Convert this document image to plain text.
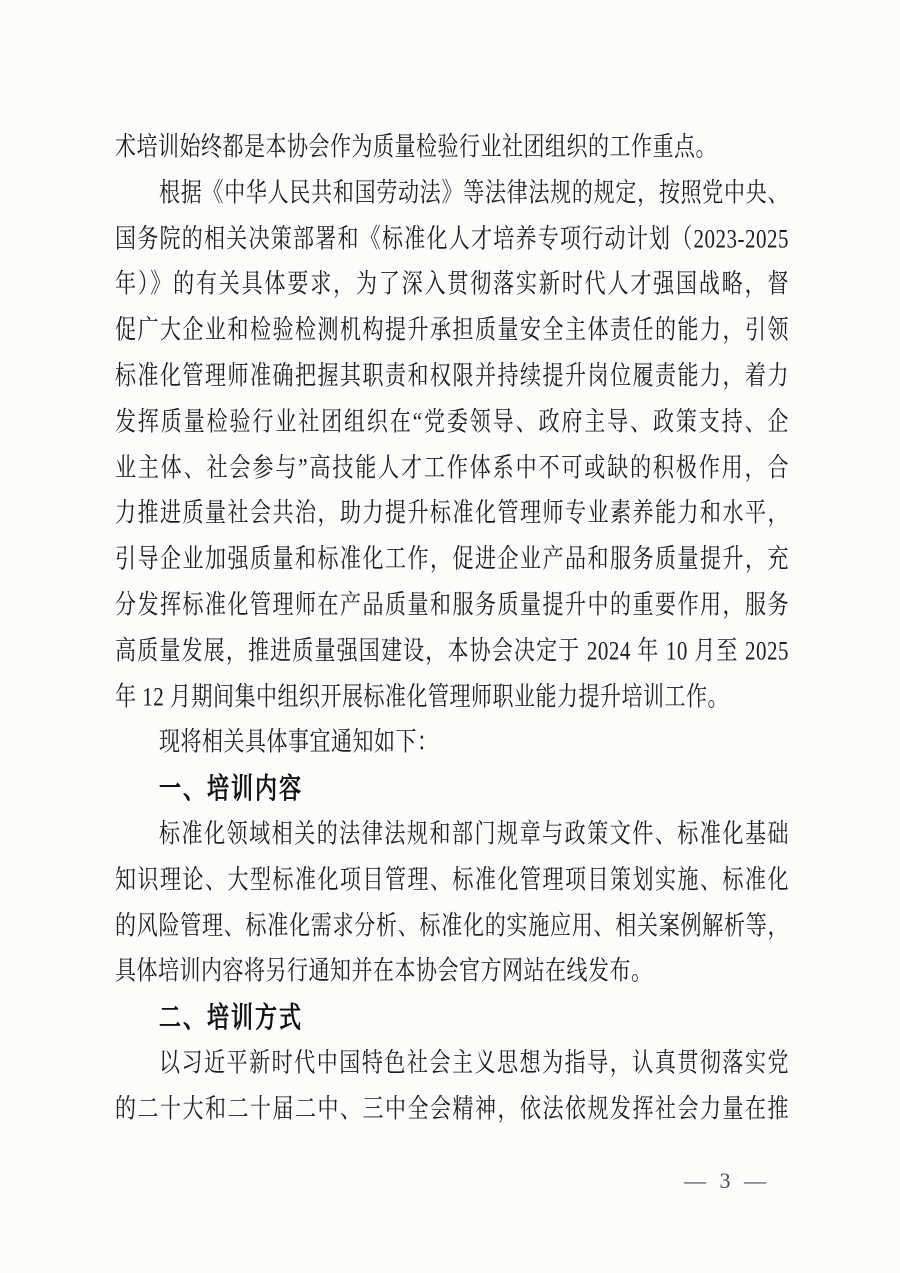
术培训始终都是本协会作为质量检验行业社团组织的工作重点。
根据《中华人民共和国劳动法》等法律法规的规定，按照党中央、
国务院的相关决策部署和《标准化人才培养专项行动计划（2023-2025
年）》的有关具体要求，为了深入贯彻落实新时代人才强国战略，督
促广大企业和检验检测机构提升承担质量安全主体责任的能力，引领
标准化管理师准确把握其职责和权限并持续提升岗位履责能力，着力
发挥质量检验行业社团组织在“党委领导、政府主导、政策支持、企
业主体、社会参与”高技能人才工作体系中不可或缺的积极作用，合
力推进质量社会共治，助力提升标准化管理师专业素养能力和水平，
引导企业加强质量和标准化工作，促进企业产品和服务质量提升，充
分发挥标准化管理师在产品质量和服务质量提升中的重要作用，服务
高质量发展，推进质量强国建设，本协会决定于 2024 年 10 月至 2025
年 12 月期间集中组织开展标准化管理师职业能力提升培训工作。
现将相关具体事宜通知如下：
一、培训内容
标准化领域相关的法律法规和部门规章与政策文件、标准化基础
知识理论、大型标准化项目管理、标准化管理项目策划实施、标准化
的风险管理、标准化需求分析、标准化的实施应用、相关案例解析等，
具体培训内容将另行通知并在本协会官方网站在线发布。
二、培训方式
以习近平新时代中国特色社会主义思想为指导，认真贯彻落实党
的二十大和二十届二中、三中全会精神，依法依规发挥社会力量在推
— 3 —
